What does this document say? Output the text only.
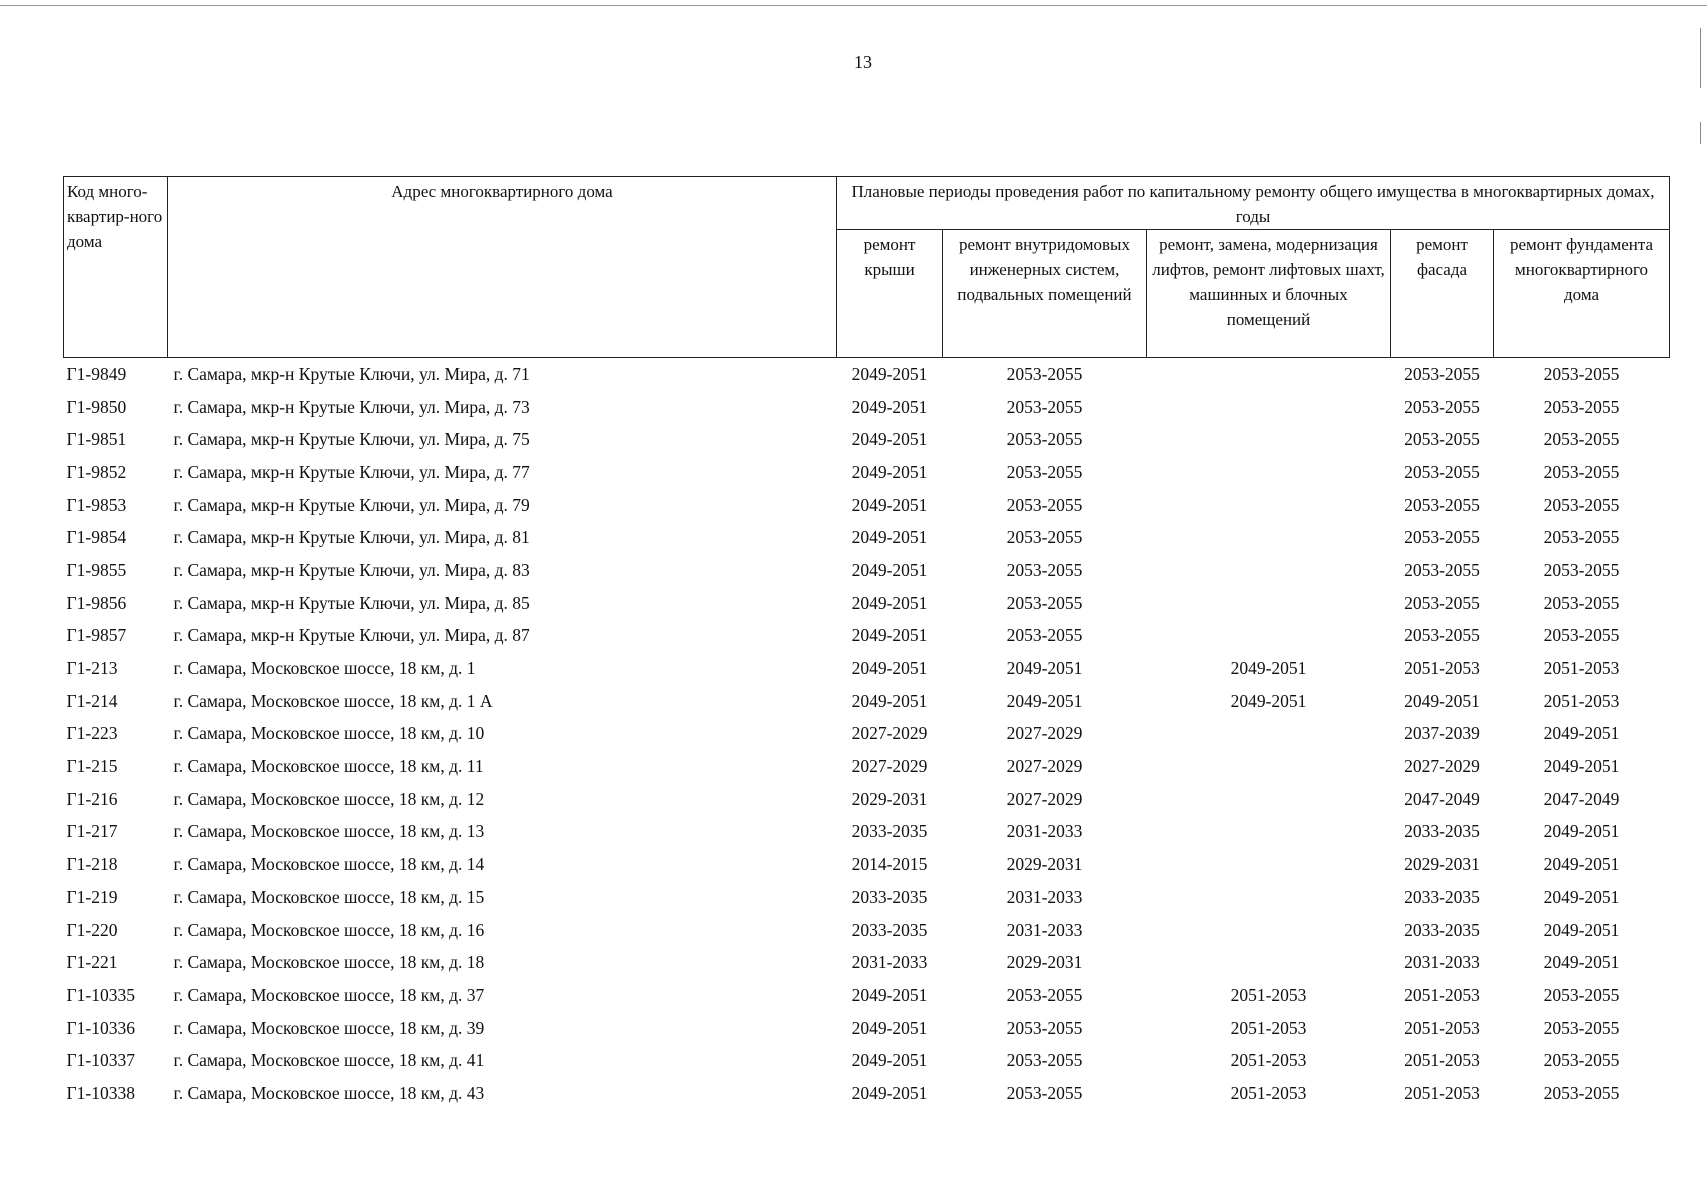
13
Код много-квартир-ного дома	Адрес многоквартирного дома	Плановые периоды проведения работ по капитальному ремонту общего имущества в многоквартирных домах, годы				
		ремонт крыши	ремонт внутридомовых инженерных систем, подвальных помещений	ремонт, замена, модернизация лифтов, ремонт лифтовых шахт, машинных и блочных помещений	ремонт фасада	ремонт фундамента многоквартирного дома
Г1-9849	г. Самара, мкр-н Крутые Ключи, ул. Мира, д. 71	2049-2051	2053-2055		2053-2055	2053-2055
Г1-9850	г. Самара, мкр-н Крутые Ключи, ул. Мира, д. 73	2049-2051	2053-2055		2053-2055	2053-2055
Г1-9851	г. Самара, мкр-н Крутые Ключи, ул. Мира, д. 75	2049-2051	2053-2055		2053-2055	2053-2055
Г1-9852	г. Самара, мкр-н Крутые Ключи, ул. Мира, д. 77	2049-2051	2053-2055		2053-2055	2053-2055
Г1-9853	г. Самара, мкр-н Крутые Ключи, ул. Мира, д. 79	2049-2051	2053-2055		2053-2055	2053-2055
Г1-9854	г. Самара, мкр-н Крутые Ключи, ул. Мира, д. 81	2049-2051	2053-2055		2053-2055	2053-2055
Г1-9855	г. Самара, мкр-н Крутые Ключи, ул. Мира, д. 83	2049-2051	2053-2055		2053-2055	2053-2055
Г1-9856	г. Самара, мкр-н Крутые Ключи, ул. Мира, д. 85	2049-2051	2053-2055		2053-2055	2053-2055
Г1-9857	г. Самара, мкр-н Крутые Ключи, ул. Мира, д. 87	2049-2051	2053-2055		2053-2055	2053-2055
Г1-213	г. Самара, Московское шоссе, 18 км, д. 1	2049-2051	2049-2051	2049-2051	2051-2053	2051-2053
Г1-214	г. Самара, Московское шоссе, 18 км, д. 1 А	2049-2051	2049-2051	2049-2051	2049-2051	2051-2053
Г1-223	г. Самара, Московское шоссе, 18 км, д. 10	2027-2029	2027-2029		2037-2039	2049-2051
Г1-215	г. Самара, Московское шоссе, 18 км, д. 11	2027-2029	2027-2029		2027-2029	2049-2051
Г1-216	г. Самара, Московское шоссе, 18 км, д. 12	2029-2031	2027-2029		2047-2049	2047-2049
Г1-217	г. Самара, Московское шоссе, 18 км, д. 13	2033-2035	2031-2033		2033-2035	2049-2051
Г1-218	г. Самара, Московское шоссе, 18 км, д. 14	2014-2015	2029-2031		2029-2031	2049-2051
Г1-219	г. Самара, Московское шоссе, 18 км, д. 15	2033-2035	2031-2033		2033-2035	2049-2051
Г1-220	г. Самара, Московское шоссе, 18 км, д. 16	2033-2035	2031-2033		2033-2035	2049-2051
Г1-221	г. Самара, Московское шоссе, 18 км, д. 18	2031-2033	2029-2031		2031-2033	2049-2051
Г1-10335	г. Самара, Московское шоссе, 18 км, д. 37	2049-2051	2053-2055	2051-2053	2051-2053	2053-2055
Г1-10336	г. Самара, Московское шоссе, 18 км, д. 39	2049-2051	2053-2055	2051-2053	2051-2053	2053-2055
Г1-10337	г. Самара, Московское шоссе, 18 км, д. 41	2049-2051	2053-2055	2051-2053	2051-2053	2053-2055
Г1-10338	г. Самара, Московское шоссе, 18 км, д. 43	2049-2051	2053-2055	2051-2053	2051-2053	2053-2055
